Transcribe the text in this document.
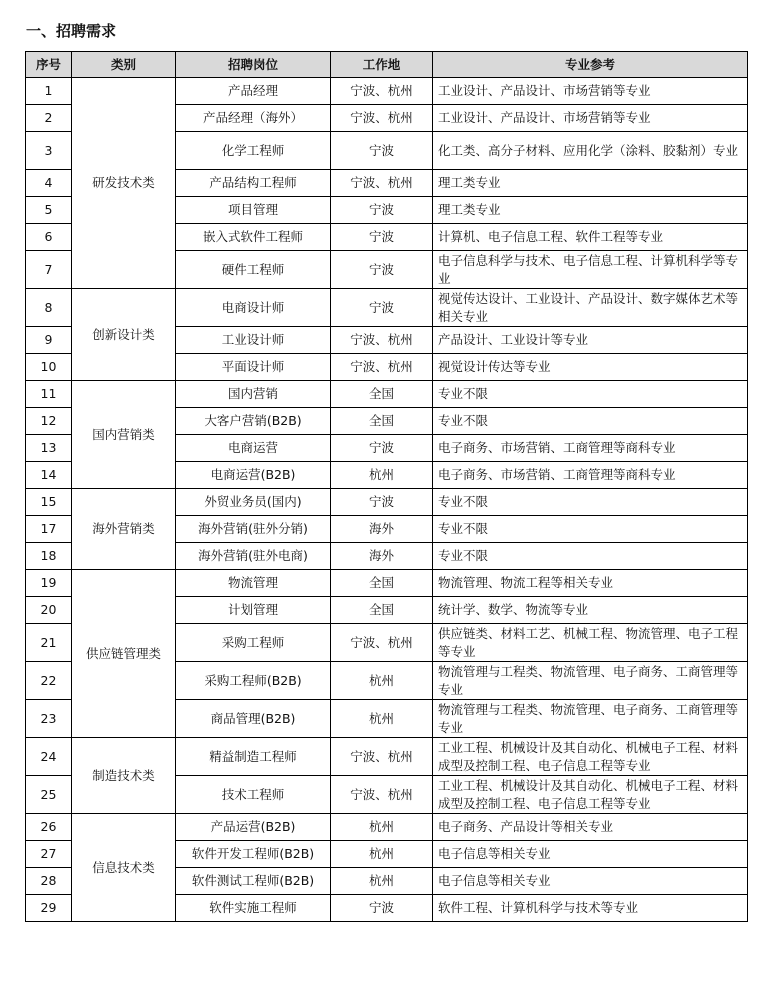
一、招聘需求
序号	类别	招聘岗位	工作地	专业参考
1	研发技术类	产品经理	宁波、杭州	工业设计、产品设计、市场营销等专业
2		产品经理（海外）	宁波、杭州	工业设计、产品设计、市场营销等专业
3		化学工程师	宁波	化工类、高分子材料、应用化学（涂料、胶黏剂）专业
4		产品结构工程师	宁波、杭州	理工类专业
5		项目管理	宁波	理工类专业
6		嵌入式软件工程师	宁波	计算机、电子信息工程、软件工程等专业
7		硬件工程师	宁波	电子信息科学与技术、电子信息工程、计算机科学等专业
8	创新设计类	电商设计师	宁波	视觉传达设计、工业设计、产品设计、数字媒体艺术等相关专业
9		工业设计师	宁波、杭州	产品设计、工业设计等专业
10		平面设计师	宁波、杭州	视觉设计传达等专业
11	国内营销类	国内营销	全国	专业不限
12		大客户营销(B2B)	全国	专业不限
13		电商运营	宁波	电子商务、市场营销、工商管理等商科专业
14		电商运营(B2B)	杭州	电子商务、市场营销、工商管理等商科专业
15	海外营销类	外贸业务员(国内)	宁波	专业不限
17		海外营销(驻外分销)	海外	专业不限
18		海外营销(驻外电商)	海外	专业不限
19	供应链管理类	物流管理	全国	物流管理、物流工程等相关专业
20		计划管理	全国	统计学、数学、物流等专业
21		采购工程师	宁波、杭州	供应链类、材料工艺、机械工程、物流管理、电子工程等专业
22		采购工程师(B2B)	杭州	物流管理与工程类、物流管理、电子商务、工商管理等专业
23		商品管理(B2B)	杭州	物流管理与工程类、物流管理、电子商务、工商管理等专业
24	制造技术类	精益制造工程师	宁波、杭州	工业工程、机械设计及其自动化、机械电子工程、材料成型及控制工程、电子信息工程等专业
25		技术工程师	宁波、杭州	工业工程、机械设计及其自动化、机械电子工程、材料成型及控制工程、电子信息工程等专业
26	信息技术类	产品运营(B2B)	杭州	电子商务、产品设计等相关专业
27		软件开发工程师(B2B)	杭州	电子信息等相关专业
28		软件测试工程师(B2B)	杭州	电子信息等相关专业
29		软件实施工程师	宁波	软件工程、计算机科学与技术等专业
